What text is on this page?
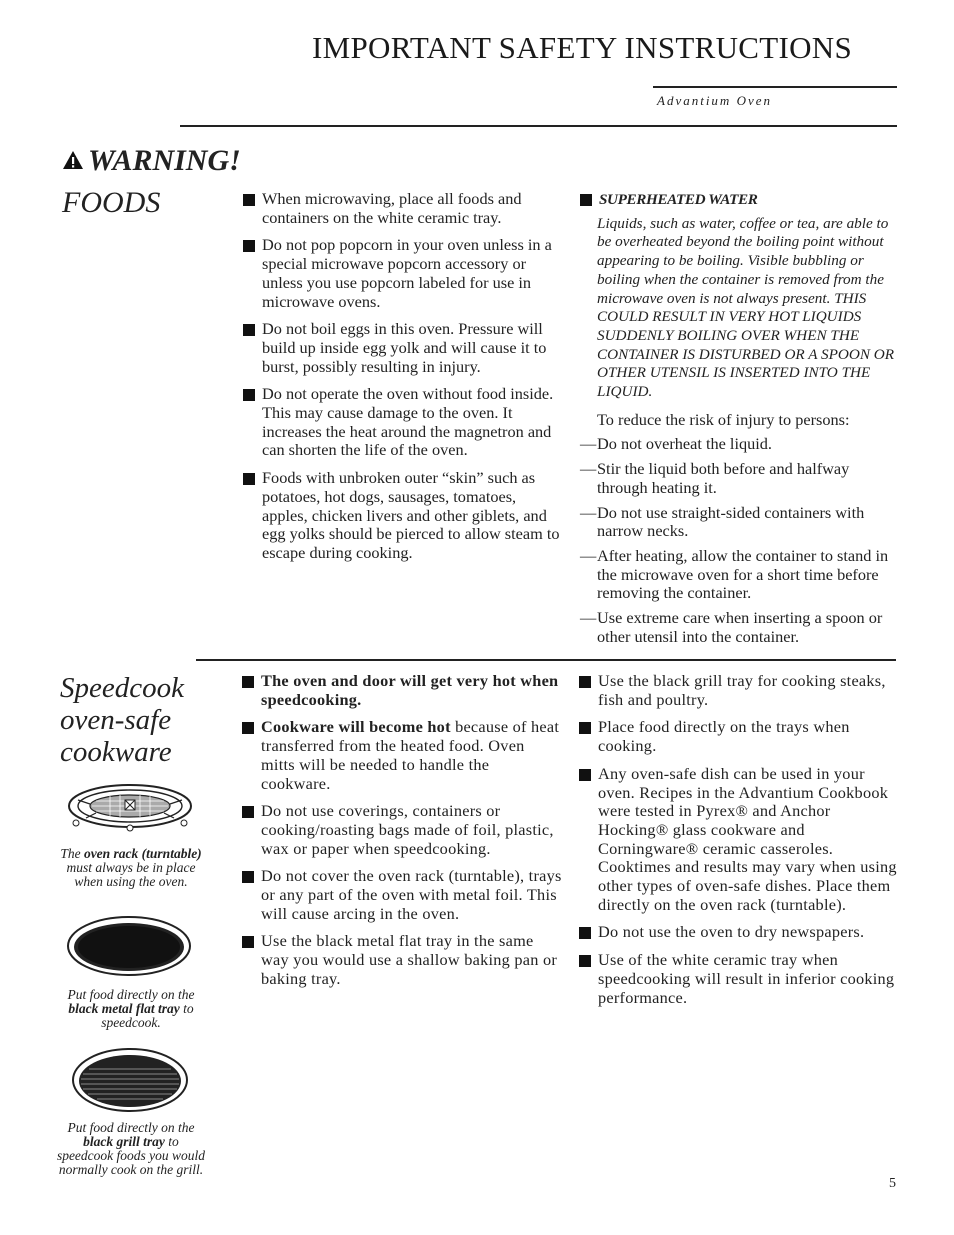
IMPORTANT SAFETY INSTRUCTIONS
Advantium Oven
WARNING!
FOODS	When microwaving, place all foods and containers on the white ceramic tray.
Do not pop popcorn in your oven unless in a special microwave popcorn accessory or unless you use popcorn labeled for use in microwave ovens.
Do not boil eggs in this oven. Pressure will build up inside egg yolk and will cause it to burst, possibly resulting in injury.
Do not operate the oven without food inside. This may cause damage to the oven. It increases the heat around the magnetron and can shorten the life of the oven.
Foods with unbroken outer “skin” such as potatoes, hot dogs, sausages, tomatoes, apples, chicken livers and other giblets, and egg yolks should be pierced to allow steam to escape during cooking.
SUPERHEATED WATER
Liquids, such as water, coffee or tea, are able to be overheated beyond the boiling point without appearing to be boiling. Visible bubbling or boiling when the container is removed from the microwave oven is not always present. THIS COULD RESULT IN VERY HOT LIQUIDS SUDDENLY BOILING OVER WHEN THE CONTAINER IS DISTURBED OR A SPOON OR OTHER UTENSIL IS INSERTED INTO THE LIQUID.
To reduce the risk of injury to persons:
— Do not overheat the liquid.
— Stir the liquid both before and halfway through heating it.
— Do not use straight-sided containers with narrow necks.
— After heating, allow the container to stand in the microwave oven for a short time before removing the container.
— Use extreme care when inserting a spoon or other utensil into the container.
Speedcook
oven-safe
cookware
The oven rack (turntable) must always be in place when using the oven.
Put food directly on the black metal flat tray to speedcook.
Put food directly on the black grill tray to speedcook foods you would normally cook on the grill.
The oven and door will get very hot when speedcooking.
Cookware will become hot because of heat transferred from the heated food. Oven mitts will be needed to handle the cookware.
Do not use coverings, containers or cooking/roasting bags made of foil, plastic, wax or paper when speedcooking.
Do not cover the oven rack (turntable), trays or any part of the oven with metal foil. This will cause arcing in the oven.
Use the black metal flat tray in the same way you would use a shallow baking pan or baking tray.
Use the black grill tray for cooking steaks, fish and poultry.
Place food directly on the trays when cooking.
Any oven-safe dish can be used in your oven. Recipes in the Advantium Cookbook were tested in Pyrex® and Anchor Hocking® glass cookware and Corningware® ceramic casseroles. Cooktimes and results may vary when using other types of oven-safe dishes. Place them directly on the oven rack (turntable).
Do not use the oven to dry newspapers.
Use of the white ceramic tray when speedcooking will result in inferior cooking performance.
5
